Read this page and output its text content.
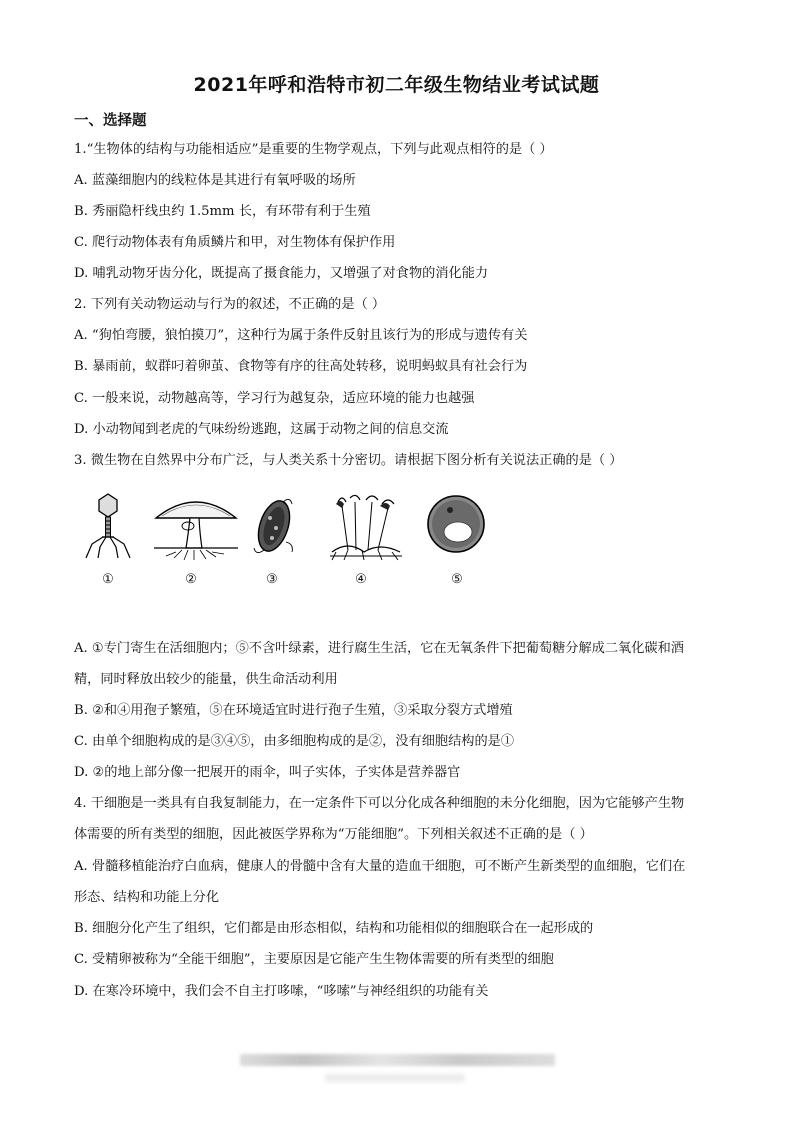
2021年呼和浩特市初二年级生物结业考试试题
一、选择题
1.“生物体的结构与功能相适应”是重要的生物学观点，下列与此观点相符的是（ ）
A. 蓝藻细胞内的线粒体是其进行有氧呼吸的场所
B. 秀丽隐杆线虫约 1.5mm 长，有环带有利于生殖
C. 爬行动物体表有角质鳞片和甲，对生物体有保护作用
D. 哺乳动物牙齿分化，既提高了摄食能力，又增强了对食物的消化能力
2. 下列有关动物运动与行为的叙述，不正确的是（ ）
A. “狗怕弯腰，狼怕摸刀”，这种行为属于条件反射且该行为的形成与遗传有关
B. 暴雨前，蚁群叼着卵茧、食物等有序的往高处转移，说明蚂蚁具有社会行为
C. 一般来说，动物越高等，学习行为越复杂，适应环境的能力也越强
D. 小动物闻到老虎的气味纷纷逃跑，这属于动物之间的信息交流
3. 微生物在自然界中分布广泛，与人类关系十分密切。请根据下图分析有关说法正确的是（ ）
①	②	③	④	⑤
A. ①专门寄生在活细胞内；⑤不含叶绿素，进行腐生生活，它在无氧条件下把葡萄糖分解成二氧化碳和酒
精，同时释放出较少的能量，供生命活动利用
B. ②和④用孢子繁殖，⑤在环境适宜时进行孢子生殖，③采取分裂方式增殖
C. 由单个细胞构成的是③④⑤，由多细胞构成的是②，没有细胞结构的是①
D. ②的地上部分像一把展开的雨伞，叫子实体，子实体是营养器官
4. 干细胞是一类具有自我复制能力，在一定条件下可以分化成各种细胞的未分化细胞，因为它能够产生物
体需要的所有类型的细胞，因此被医学界称为“万能细胞”。下列相关叙述不正确的是（ ）
A. 骨髓移植能治疗白血病，健康人的骨髓中含有大量的造血干细胞，可不断产生新类型的血细胞，它们在
形态、结构和功能上分化
B. 细胞分化产生了组织，它们都是由形态相似，结构和功能相似的细胞联合在一起形成的
C. 受精卵被称为“全能干细胞”，主要原因是它能产生生物体需要的所有类型的细胞
D. 在寒冷环境中，我们会不自主打哆嗦，“哆嗦”与神经组织的功能有关
